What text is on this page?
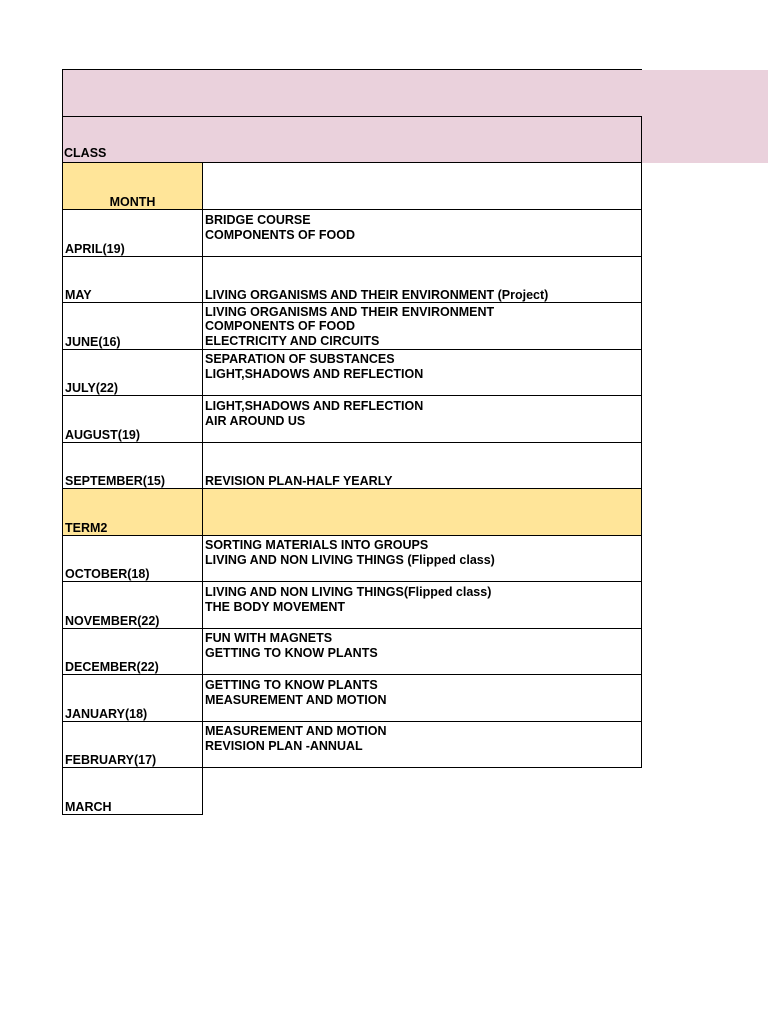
CLASS
MONTH
APRIL(19)
BRIDGE COURSE
COMPONENTS OF FOOD
MAY	LIVING ORGANISMS AND THEIR ENVIRONMENT (Project)
JUNE(16)
LIVING ORGANISMS AND THEIR ENVIRONMENT
COMPONENTS OF FOOD
ELECTRICITY AND CIRCUITS
JULY(22)
SEPARATION OF SUBSTANCES
LIGHT,SHADOWS AND REFLECTION
AUGUST(19)
LIGHT,SHADOWS AND REFLECTION
AIR AROUND US
SEPTEMBER(15)	REVISION PLAN-HALF YEARLY
TERM2
OCTOBER(18)
SORTING MATERIALS INTO GROUPS
LIVING AND NON LIVING THINGS (Flipped class)
NOVEMBER(22)
LIVING AND NON LIVING THINGS(Flipped class)
THE BODY MOVEMENT
DECEMBER(22)
FUN WITH MAGNETS
GETTING TO KNOW PLANTS
JANUARY(18)
GETTING TO KNOW PLANTS
MEASUREMENT AND MOTION
FEBRUARY(17)
MEASUREMENT AND MOTION
REVISION PLAN -ANNUAL
MARCH
